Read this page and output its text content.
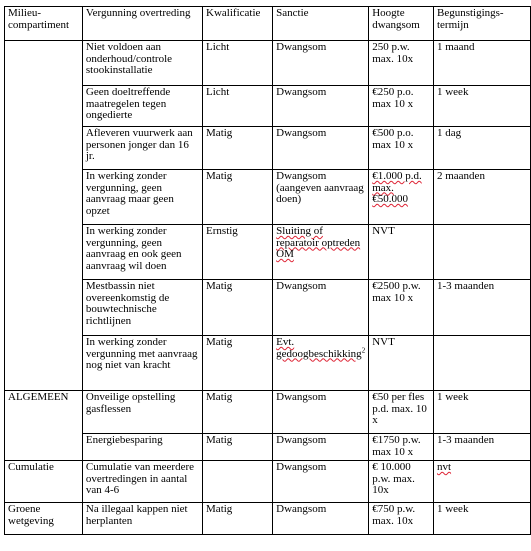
Milieu-compartiment	Vergunning overtreding	Kwalificatie	Sanctie	Hoogte dwangsom	Begunstigings-termijn
	Niet voldoen aan onderhoud/controle stookinstallatie	Licht	Dwangsom	250 p.w. max. 10x	1 maand
	Geen doeltreffende maatregelen tegen ongedierte	Licht	Dwangsom	€250 p.o. max 10 x	1 week
	Afleveren vuurwerk aan personen jonger dan 16 jr.	Matig	Dwangsom	€500 p.o. max 10 x	1 dag
	In werking zonder vergunning, geen aanvraag maar geen opzet	Matig	Dwangsom (aangeven aanvraag doen)	€1.000 p.d. max. €50.000	2 maanden
	In werking zonder vergunning, geen aanvraag en ook geen aanvraag wil doen	Ernstig	Sluiting of reparatoir optreden OM	NVT	
	Mestbassin niet overeenkomstig de bouwtechnische richtlijnen	Matig	Dwangsom	€2500 p.w. max 10 x	1-3 maanden
	In werking zonder vergunning met aanvraag nog niet van kracht	Matig	Evt. gedoogbeschikking$^2$	NVT	
ALGEMEEN	Onveilige opstelling gasflessen	Matig	Dwangsom	€50 per fles p.d. max. 10 x	1 week
	Energiebesparing	Matig	Dwangsom	€1750 p.w. max 10 x	1-3 maanden
Cumulatie	Cumulatie van meerdere overtredingen in aantal van 4-6		Dwangsom	€ 10.000 p.w. max. 10x	nvt
Groene wetgeving	Na illegaal kappen niet herplanten	Matig	Dwangsom	€750 p.w. max. 10x	1 week
